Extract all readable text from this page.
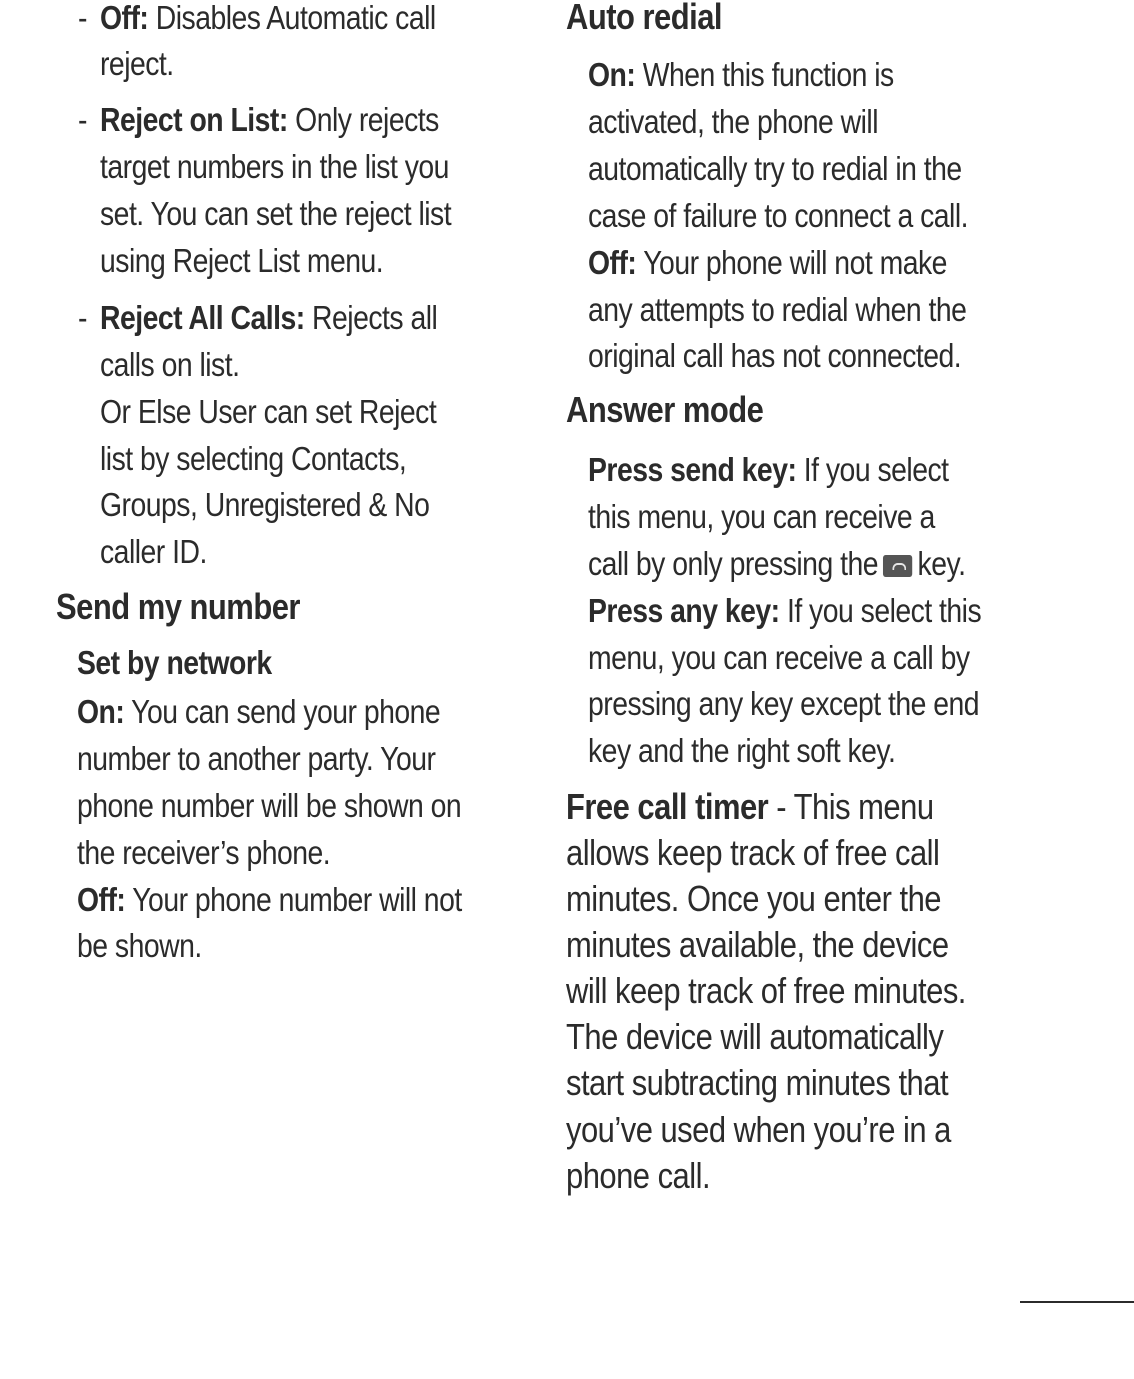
- Off: Disables Automatic call
reject.
- Reject on List: Only rejects
target numbers in the list you
set. You can set the reject list
using Reject List menu.
- Reject All Calls: Rejects all
calls on list.
Or Else User can set Reject
list by selecting Contacts,
Groups, Unregistered & No
caller ID.
Send my number
Set by network
On: You can send your phone
number to another party. Your
phone number will be shown on
the receiver’s phone.
Off: Your phone number will not
be shown.
Auto redial
On: When this function is
activated, the phone will
automatically try to redial in the
case of failure to connect a call.
Off: Your phone will not make
any attempts to redial when the
original call has not connected.
Answer mode
Press send key: If you select
this menu, you can receive a
call by only pressing the key.
Press any key: If you select this
menu, you can receive a call by
pressing any key except the end
key and the right soft key.
Free call timer - This menu
allows keep track of free call
minutes. Once you enter the
minutes available, the device
will keep track of free minutes.
The device will automatically
start subtracting minutes that
you’ve used when you’re in a
phone call.
